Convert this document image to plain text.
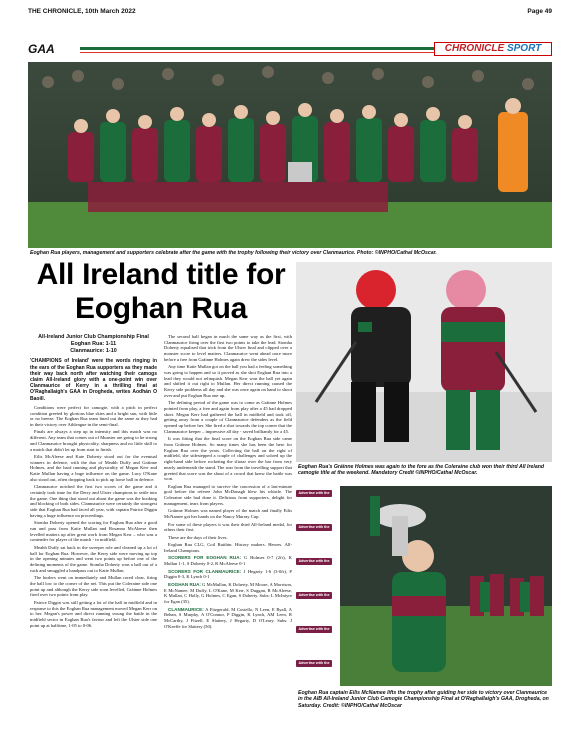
THE CHRONICLE, 10th March 2022	Page 49
GAA	CHRONICLE SPORT
Eoghan Rua players, management and supporters celebrate after the game with the trophy following their victory over Clanmaurice. Photo: ©INPHO/Cathal McOscar.
All Ireland title for Eoghan Rua
All-Ireland Junior Club Championship Final
Eoghan Rua: 1-11
Clanmaurice: 1-10
'CHAMPIONS of Ireland' were the words ringing in the ears of the Eoghan Rua supporters as they made their way back north after watching their camogs claim All-Ireland glory with a one-point win over Clanmaurice of Kerry in a thrilling final at O'Raghallaigh's GAA in Drogheda, writes Aodhán O Baoill.

Conditions were perfect for camogie, with a pitch in perfect condition greeted by glorious blue skies and a bright sun, with little or no breeze. The Eoghan Rua team lined out the same as they had in their victory over Athleague in the semi-final.

Finals are always a step up in intensity and this match was no different. Any team that comes out of Munster are going to be strong and Clanmaurice brought physicality, sharpness and no little skill to a match that didn't let up from start to finish.

Eilis McAleese and Kate Doherty stood out for the eventual winners in defence, with the duo of Meabh Duffy and Gráinne Holmes, and the hard running and physicality of Megan Kerr and Katie Mullan having a huge influence on the game. Lucy O'Kane also stood out, often dropping back to pick up loose ball in defence.

Clanmaurice notched the first two scores of the game and it certainly took time for the Derry and Ulster champions to settle into the game. One thing that stood out about the game was the hooking and blocking of both sides. Clanmaurice were certainly the strongest side that Eoghan Rua had faced all year, with captain Patrice Diggin having a huge influence on proceedings.

Siomha Doherty opened the scoring for Eoghan Rua after a good run and pass from Katie Mullan and Rosanna McAleese then levelled matters up after great work from Megan Kerr – who was a contender for player of the match - in midfield.

Meabh Duffy sat back in the sweeper role and cleaned up a lot of ball for Eoghan Rua. However, the Kerry side were moving up top in the opening minutes and went two points up before one of the defining moments of the game. Siomha Doherty won a ball out of a ruck and smuggled a handpass out to Katie Mullan.

The hurlers went on immediately and Mullan raced clear, firing the ball low to the corner of the net. This put the Coleraine side one point up and although the Kerry side soon levelled, Gráinne Holmes fired over two points from play.

Patrice Diggin was still getting a lot of the ball in midfield and in response to this the Eoghan Rua management moved Megan Kerr on to her. Megan's power and direct running swung the battle in the midfield sector in Eoghan Rua's favour and left the Ulster side one point up at halftime, 1-05 to 0-06.

The second half began in much the same way as the first, with Clanmaurice firing over the first two points to take the lead. Siomha Doherty equalised that trick from the Ulster final and clipped over a monster score to level matters. Clanmaurice went ahead once more before a free from Gráinne Holmes again drew the sides level.

Any time Katie Mullan got on the ball you had a feeling something was going to happen and so it proved as she shot Eoghan Rua into a lead they would not relinquish. Megan Kerr won the ball yet again and shifted it out right to Mullan. Her direct running caused the Kerry side problems all day and she was once again on hand to shoot over and put Eoghan Rua one up.

The defining period of the game was to come as Gráinne Holmes pointed from play, a free and again from play after a 45 had dropped short. Megan Kerr had gathered the ball in midfield and took off, getting away from a couple of Clanmaurice defenders as the field opened up before her. She fired a shot towards the top corner that the Clanmaurice keeper – impressive all day - saved brilliantly for a 45.

It was fitting that the final score on the Eoghan Rua side came from Gráinne Holmes. So many times she has been the hero for Eoghan Rua over the years. Collecting the ball on the right of midfield, she sidestepped a couple of challenges and soloed up the right-hand side before rocketing the sliotar over the bar from very nearly underneath the stand. The roar from the travelling support that greeted that score was the shout of a crowd that knew the battle was won.

Eoghan Rua managed to survive the concession of a last-minute goal before the referee John McDonagh blew his whistle. The Coleraine side had done it. Delirious from supporters, delight for management, tears from players.

Gráinne Holmes was named player of the match and finally Eilis McNamee got her hands on the Nancy Murray Cup.

For some of these players it was their third All-Ireland medal, for others their first.

These are the days of their lives.

Eoghan Rua CLG, Coil Ruithin. History makers. Heroes. All-Ireland Champions.

SCORERS FOR EOGHAN RUA: G Holmes 0-7 (2fr), K Mullan 1-1, S Doherty 0-2, R McAleese 0-1

SCORERS FOR CLANMAURICE: J Hegarty 1-6 (3-0fr), P Diggin 0-3, K Lynch 0-1

EOGHAN RUA: G McMullan, K Doherty, M Moore, A Morrison, E McNamee, M Duffy, L O'Kane, M Kerr, S Duggan, R McAleese, K Mullan, C Holly, G Holmes, C Egan, S Doherty. Subs: L McIntyre for Egan (35).

CLANMAURICE: A Fitzgerald, M Costello, N Leen, E Ryall, A Behan, S Murphy, A O'Connor, P Diggin, K Lynch, AM Leen, R McCarthy, J Fitzell, E Slattery, J Hegarty, D O'Leary. Subs: J O'Keeffe for Slattery (50).

Eoghan Rua's Gráinne Holmes was again to the fore as the Coleraine club won their third All Ireland camogie title at the weekend. Mandatory Credit ©INPHO/Cathal McOscar.
Advertise with the Chronicle
Advertise with the Chronicle
Advertise with the Chronicle
Advertise with the Chronicle
Advertise with the Chronicle
Advertise with the Chronicle
Eoghan Rua captain Eilis McNamee lifts the trophy after guiding her side to victory over Clanmaurice in the AIB All-Ireland Junior Club Camogie Championship Final at O'Raghallaigh's GAA, Drogheda, on Saturday. Credit: ©INPHO/Cathal McOscar
